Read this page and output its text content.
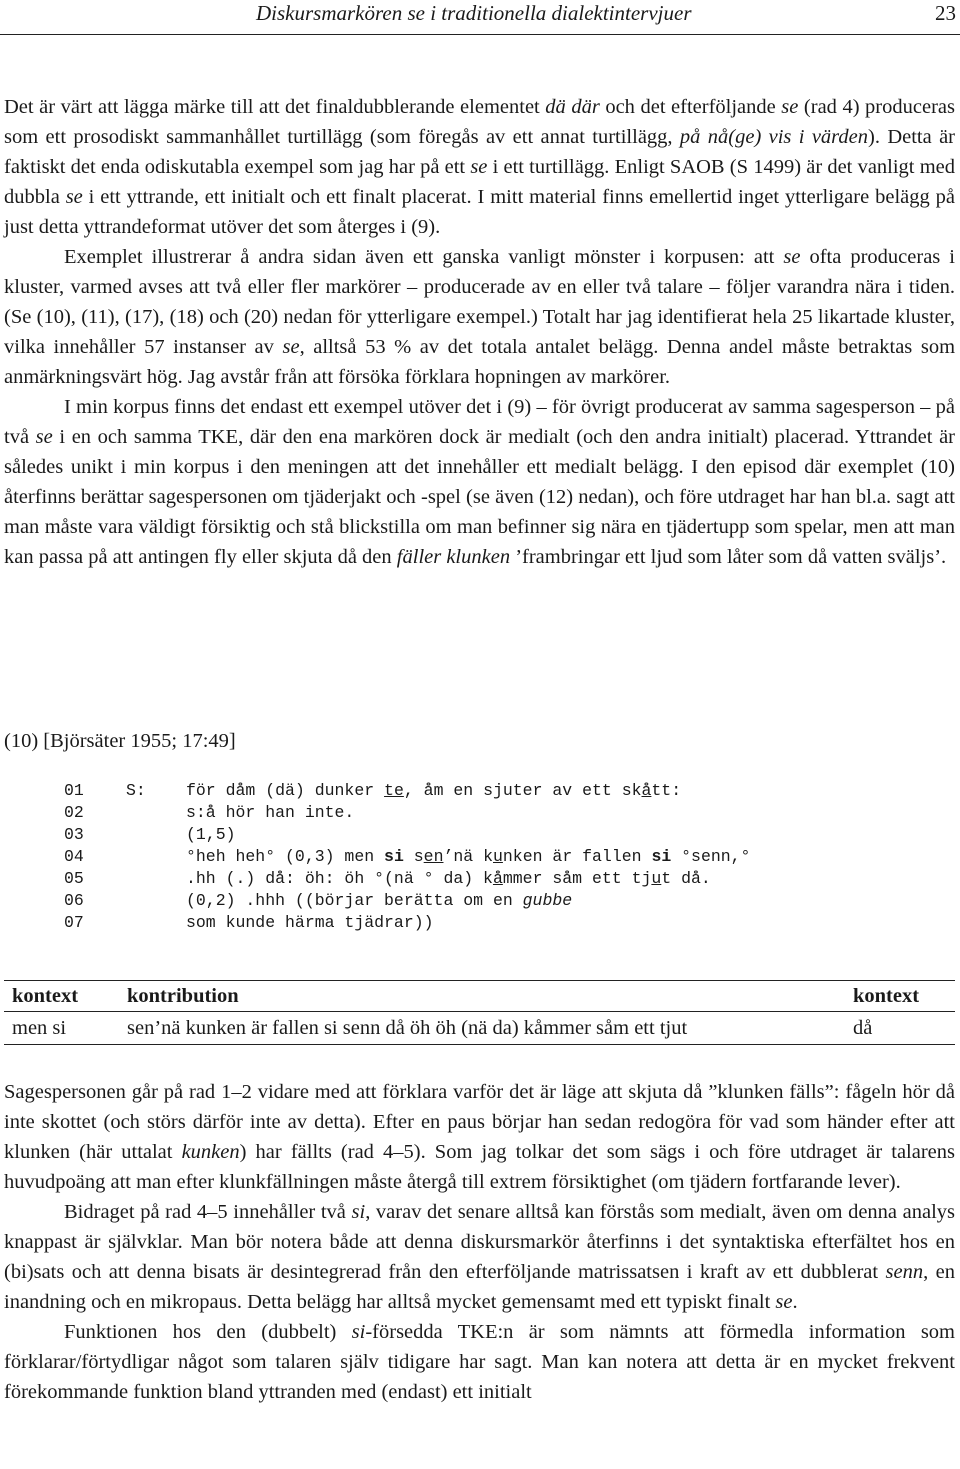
Diskursmarkören se i traditionella dialektintervjuer	23

Det är värt att lägga märke till att det finaldubblerande elementet dä där och det efterföljande se (rad 4) produceras som ett prosodiskt sammanhållet turtillägg (som föregås av ett annat turtillägg, på nå(ge) vis i värden). Detta är faktiskt det enda odiskutabla exempel som jag har på ett se i ett turtillägg. Enligt SAOB (S 1499) är det vanligt med dubbla se i ett yttrande, ett initialt och ett finalt placerat. I mitt material finns emellertid inget ytterligare belägg på just detta yttrandeformat utöver det som återges i (9).

Exemplet illustrerar å andra sidan även ett ganska vanligt mönster i korpusen: att se ofta produceras i kluster, varmed avses att två eller fler markörer – producerade av en eller två talare – följer varandra nära i tiden. (Se (10), (11), (17), (18) och (20) nedan för ytterligare exempel.) Totalt har jag identifierat hela 25 likartade kluster, vilka innehåller 57 instanser av se, alltså 53 % av det totala antalet belägg. Denna andel måste betraktas som anmärkningsvärt hög. Jag avstår från att försöka förklara hopningen av markörer.

I min korpus finns det endast ett exempel utöver det i (9) – för övrigt producerat av samma sagesperson – på två se i en och samma TKE, där den ena markören dock är medialt (och den andra initialt) placerad. Yttrandet är således unikt i min korpus i den meningen att det innehåller ett medialt belägg. I den episod där exemplet (10) återfinns berättar sagespersonen om tjäderjakt och -spel (se även (12) nedan), och före utdraget har han bl.a. sagt att man måste vara väldigt försiktig och stå blickstilla om man befinner sig nära en tjädertupp som spelar, men att man kan passa på att antingen fly eller skjuta då den fäller klunken ’frambringar ett ljud som låter som då vatten sväljs’.

(10) [Björsäter 1955; 17:49]
01	S: för dåm (dä) dunker te, åm en sjuter av ett skått:
02	s:å hör han inte.
03	(1,5)
04	°heh heh° (0,3) men si sen’nä kunken är fallen si °senn,°
05	.hh (.) då: öh: öh °(nä ° da) kåmmer såm ett tjut då.
06	(0,2) .hhh ((börjar berätta om en gubbe
07	som kunde härma tjädrar))
kontext	kontribution	kontext
men si	sen’nä kunken är fallen si senn då öh öh (nä da) kåmmer såm ett tjut	då

Sagespersonen går på rad 1–2 vidare med att förklara varför det är läge att skjuta då ”klunken fälls”: fågeln hör då inte skottet (och störs därför inte av detta). Efter en paus börjar han sedan redogöra för vad som händer efter att klunken (här uttalat kunken) har fällts (rad 4–5). Som jag tolkar det som sägs i och före utdraget är talarens huvudpoäng att man efter klunkfällningen måste återgå till extrem försiktighet (om tjädern fortfarande lever).

Bidraget på rad 4–5 innehåller två si, varav det senare alltså kan förstås som medialt, även om denna analys knappast är självklar. Man bör notera både att denna diskursmarkör återfinns i det syntaktiska efterfältet hos en (bi)sats och att denna bisats är desintegrerad från den efterföljande matrissatsen i kraft av ett dubblerat senn, en inandning och en mikropaus. Detta belägg har alltså mycket gemensamt med ett typiskt finalt se.

Funktionen hos den (dubbelt) si-försedda TKE:n är som nämnts att förmedla information som förklarar/förtydligar något som talaren själv tidigare har sagt. Man kan notera att detta är en mycket frekvent förekommande funktion bland yttranden med (endast) ett initialt
